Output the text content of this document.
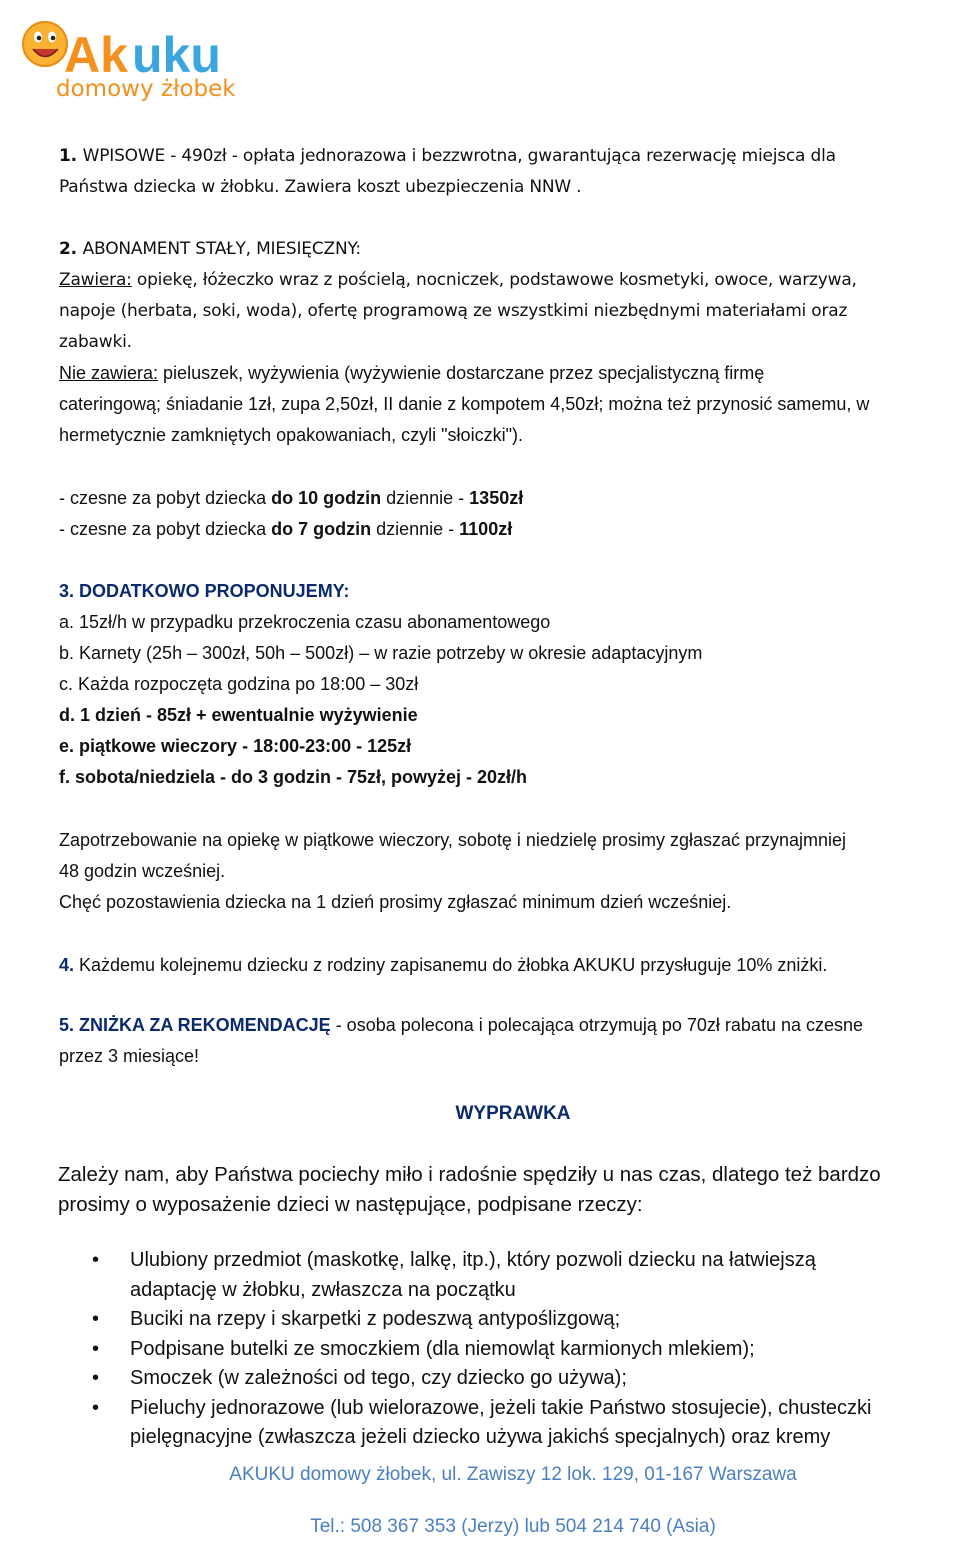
Ak uku
domowy żłobek
1. WPISOWE - 490zł - opłata jednorazowa i bezzwrotna, gwarantująca rezerwację miejsca dla
Państwa dziecka w żłobku. Zawiera koszt ubezpieczenia NNW .
2. ABONAMENT STAŁY, MIESIĘCZNY:
Zawiera: opiekę, łóżeczko wraz z pościelą, nocniczek, podstawowe kosmetyki, owoce, warzywa,
napoje (herbata, soki, woda), ofertę programową ze wszystkimi niezbędnymi materiałami oraz
zabawki.
Nie zawiera: pieluszek, wyżywienia (wyżywienie dostarczane przez specjalistyczną firmę
cateringową; śniadanie 1zł, zupa 2,50zł, II danie z kompotem 4,50zł; można też przynosić samemu, w
hermetycznie zamkniętych opakowaniach, czyli "słoiczki").
- czesne za pobyt dziecka do 10 godzin dziennie - 1350zł
- czesne za pobyt dziecka do 7 godzin dziennie - 1100zł
3. DODATKOWO PROPONUJEMY:
a. 15zł/h w przypadku przekroczenia czasu abonamentowego
b. Karnety (25h – 300zł, 50h – 500zł) – w razie potrzeby w okresie adaptacyjnym
c. Każda rozpoczęta godzina po 18:00 – 30zł
d. 1 dzień - 85zł + ewentualnie wyżywienie
e. piątkowe wieczory - 18:00-23:00 - 125zł
f. sobota/niedziela - do 3 godzin - 75zł, powyżej - 20zł/h
Zapotrzebowanie na opiekę w piątkowe wieczory, sobotę i niedzielę prosimy zgłaszać przynajmniej
48 godzin wcześniej.
Chęć pozostawienia dziecka na 1 dzień prosimy zgłaszać minimum dzień wcześniej.
4. Każdemu kolejnemu dziecku z rodziny zapisanemu do żłobka AKUKU przysługuje 10% zniżki.
5. ZNIŻKA ZA REKOMENDACJĘ - osoba polecona i polecająca otrzymują po 70zł rabatu na czesne
przez 3 miesiące!
WYPRAWKA
Zależy nam, aby Państwa pociechy miło i radośnie spędziły u nas czas, dlatego też bardzo
prosimy o wyposażenie dzieci w następujące, podpisane rzeczy:
• Ulubiony przedmiot (maskotkę, lalkę, itp.), który pozwoli dziecku na łatwiejszą
adaptację w żłobku, zwłaszcza na początku
• Buciki na rzepy i skarpetki z podeszwą antypoślizgową;
• Podpisane butelki ze smoczkiem (dla niemowląt karmionych mlekiem);
• Smoczek (w zależności od tego, czy dziecko go używa);
• Pieluchy jednorazowe (lub wielorazowe, jeżeli takie Państwo stosujecie), chusteczki
pielęgnacyjne (zwłaszcza jeżeli dziecko używa jakichś specjalnych) oraz kremy
AKUKU domowy żłobek, ul. Zawiszy 12 lok. 129, 01-167 Warszawa
Tel.: 508 367 353 (Jerzy) lub 504 214 740 (Asia)
